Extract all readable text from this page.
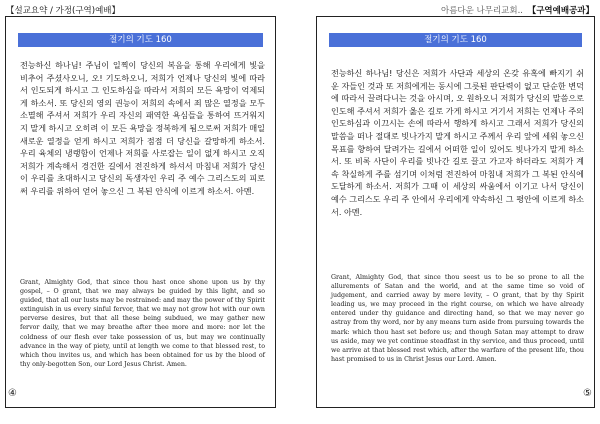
【설교요약 / 가정(구역)예배】	아름다운 나무리교회.. 【구역예배공과】
절기의 기도 160
전능하신 하나님! 주님이 일찍이 당신의 복음을 통해 우리에게 빛을 비추어 주셨사오니, 오! 기도하오니, 저희가 언제나 당신의 빛에 따라서 인도되게 하시고 그 인도하심을 따라서 저희의 모든 욕망이 억제되게 하소서. 또 당신의 영의 권능이 저희의 속에서 죄 많은 열정을 모두 소멸해 주셔서 저희가 우리 자신의 패역한 욕심들을 통하여 뜨거워지지 말게 하시고 오히려 이 모든 욕망을 정복하게 됨으로써 저희가 매일 새로운 열정을 얻게 하시고 저희가 점점 더 당신을 갈망하게 하소서. 우리 육체의 냉랭함이 언제나 저희를 사로잡는 일이 없게 하시고 오직 저희가 계속해서 경건한 길에서 전진하게 하셔서 마침내 저희가 당신이 우리를 초대하시고 당신의 독생자인 우리 주 예수 그리스도의 피로써 우리를 위하여 얻어 놓으신 그 복된 안식에 이르게 하소서. 아멘.
Grant, Almighty God, that since thou hast once shone upon us by thy gospel, – O grant, that we may always be guided by this light, and so guided, that all our lusts may be restrained: and may the power of thy Spirit extinguish in us every sinful fervor, that we may not grow hot with our own perverse desires, but that all these being subdued, we may gather new fervor daily, that we may breathe after thee more and more: nor let the coldness of our flesh ever take possession of us, but may we continually advance in the way of piety, until at length we come to that blessed rest, to which thou invites us, and which has been obtained for us by the blood of thy only-begotten Son, our Lord Jesus Christ. Amen.
④
절기의 기도 160
전능하신 하나님! 당신은 저희가 사단과 세상의 온갖 유혹에 빠지기 쉬운 자들인 것과 또 저희에게는 동시에 그릇된 판단력이 없고 단순한 변덕에 따라서 끌려다니는 것을 아시며, 오 원하오니 저희가 당신의 말씀으로 인도해 주셔서 저희가 옳은 길로 가게 하시고 거기서 저희는 언제나 주의 인도하심과 이끄시는 손에 따라서 행하게 하시고 그래서 저희가 당신의 말씀을 떠나 절대로 빗나가지 말게 하시고 주께서 우리 앞에 세워 놓으신 목표를 향하여 달려가는 길에서 어떠한 일이 있어도 빗나가지 말게 하소서. 또 비록 사단이 우리를 빗나간 길로 끌고 가고자 하더라도 저희가 계속 착실하게 주를 섬기며 이처럼 전진하여 마침내 저희가 그 복된 안식에 도달하게 하소서. 저희가 그때 이 세상의 싸움에서 이기고 나서 당신이 예수 그리스도 우리 주 안에서 우리에게 약속하신 그 평안에 이르게 하소서. 아멘.
Grant, Almighty God, that since thou seest us to be so prone to all the allurements of Satan and the world, and at the same time so void of judgement, and carried away by mere levity, – O grant, that by thy Spirit leading us, we may proceed in the right course, on which we have already entered under thy guidance and directing hand, so that we may never go astray from thy word, nor by any means turn aside from pursuing towards the mark: which thou hast set before us; and though Satan may attempt to draw us aside, may we yet continue steadfast in thy service, and thus proceed, until we arrive at that blessed rest which, after the warfare of the present life, thou hast promised to us in Christ Jesus our Lord. Amen.
⑤
